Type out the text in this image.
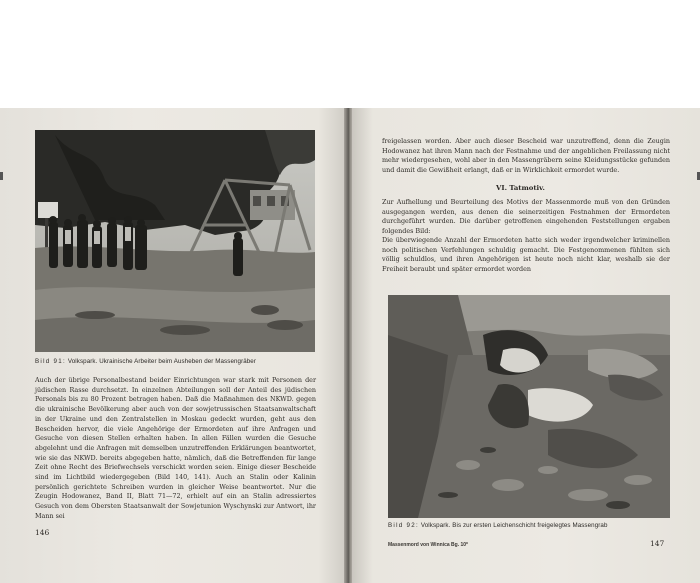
Bild 91: Volkspark. Ukrainische Arbeiter beim Ausheben der Massengräber

Auch der übrige Personalbestand beider Einrichtungen war stark mit Personen der jüdischen Rasse durchsetzt. In einzelnen Abteilungen soll der Anteil des jüdischen Personals bis zu 80 Prozent betragen haben. Daß die Maßnahmen des NKWD. gegen die ukrainische Bevölkerung aber auch von der sowjetrussischen Staatsanwaltschaft in der Ukraine und den Zentralstellen in Moskau gedeckt wurden, geht aus den Bescheiden hervor, die viele Angehörige der Ermordeten auf ihre Anfragen und Gesuche von diesen Stellen erhalten haben. In allen Fällen wurden die Gesuche abgelehnt und die Anfragen mit demselben unzutreffenden Erklärungen beantwortet, wie sie das NKWD. bereits abgegeben hatte, nämlich, daß die Betreffenden für lange Zeit ohne Recht des Briefwechsels verschickt worden seien. Einige dieser Bescheide sind im Lichtbild wiedergegeben (Bild 140, 141). Auch an Stalin oder Kalinin persönlich gerichtete Schreiben wurden in gleicher Weise beantwortet. Nur die Zeugin Hodowanez, Band II, Blatt 71—72, erhielt auf ein an Stalin adressiertes Gesuch von dem Obersten Staatsanwalt der Sowjetunion Wyschynski zur Antwort, ihr Mann sei

146

freigelassen worden. Aber auch dieser Bescheid war unzutreffend, denn die Zeugin Hodowanez hat ihren Mann nach der Festnahme und der angeblichen Freilassung nicht mehr wiedergesehen, wohl aber in den Massengräbern seine Kleidungsstücke gefunden und damit die Gewißheit erlangt, daß er in Wirklichkeit ermordet wurde.

VI. Tatmotiv.

Zur Aufhellung und Beurteilung des Motivs der Massenmorde muß von den Gründen ausgegangen werden, aus denen die seinerzeitigen Festnahmen der Ermordeten durchgeführt wurden. Die darüber getroffenen eingehenden Feststellungen ergaben folgendes Bild:

Die überwiegende Anzahl der Ermordeten hatte sich weder irgendwelcher kriminellen noch politischen Verfehlungen schuldig gemacht. Die Festgenommenen fühlten sich völlig schuldlos, und ihren Angehörigen ist heute noch nicht klar, weshalb sie der Freiheit beraubt und später ermordet worden

Bild 92: Volkspark. Bis zur ersten Leichenschicht freigelegtes Massengrab
Massenmord von Winnica Bg. 10*	147
